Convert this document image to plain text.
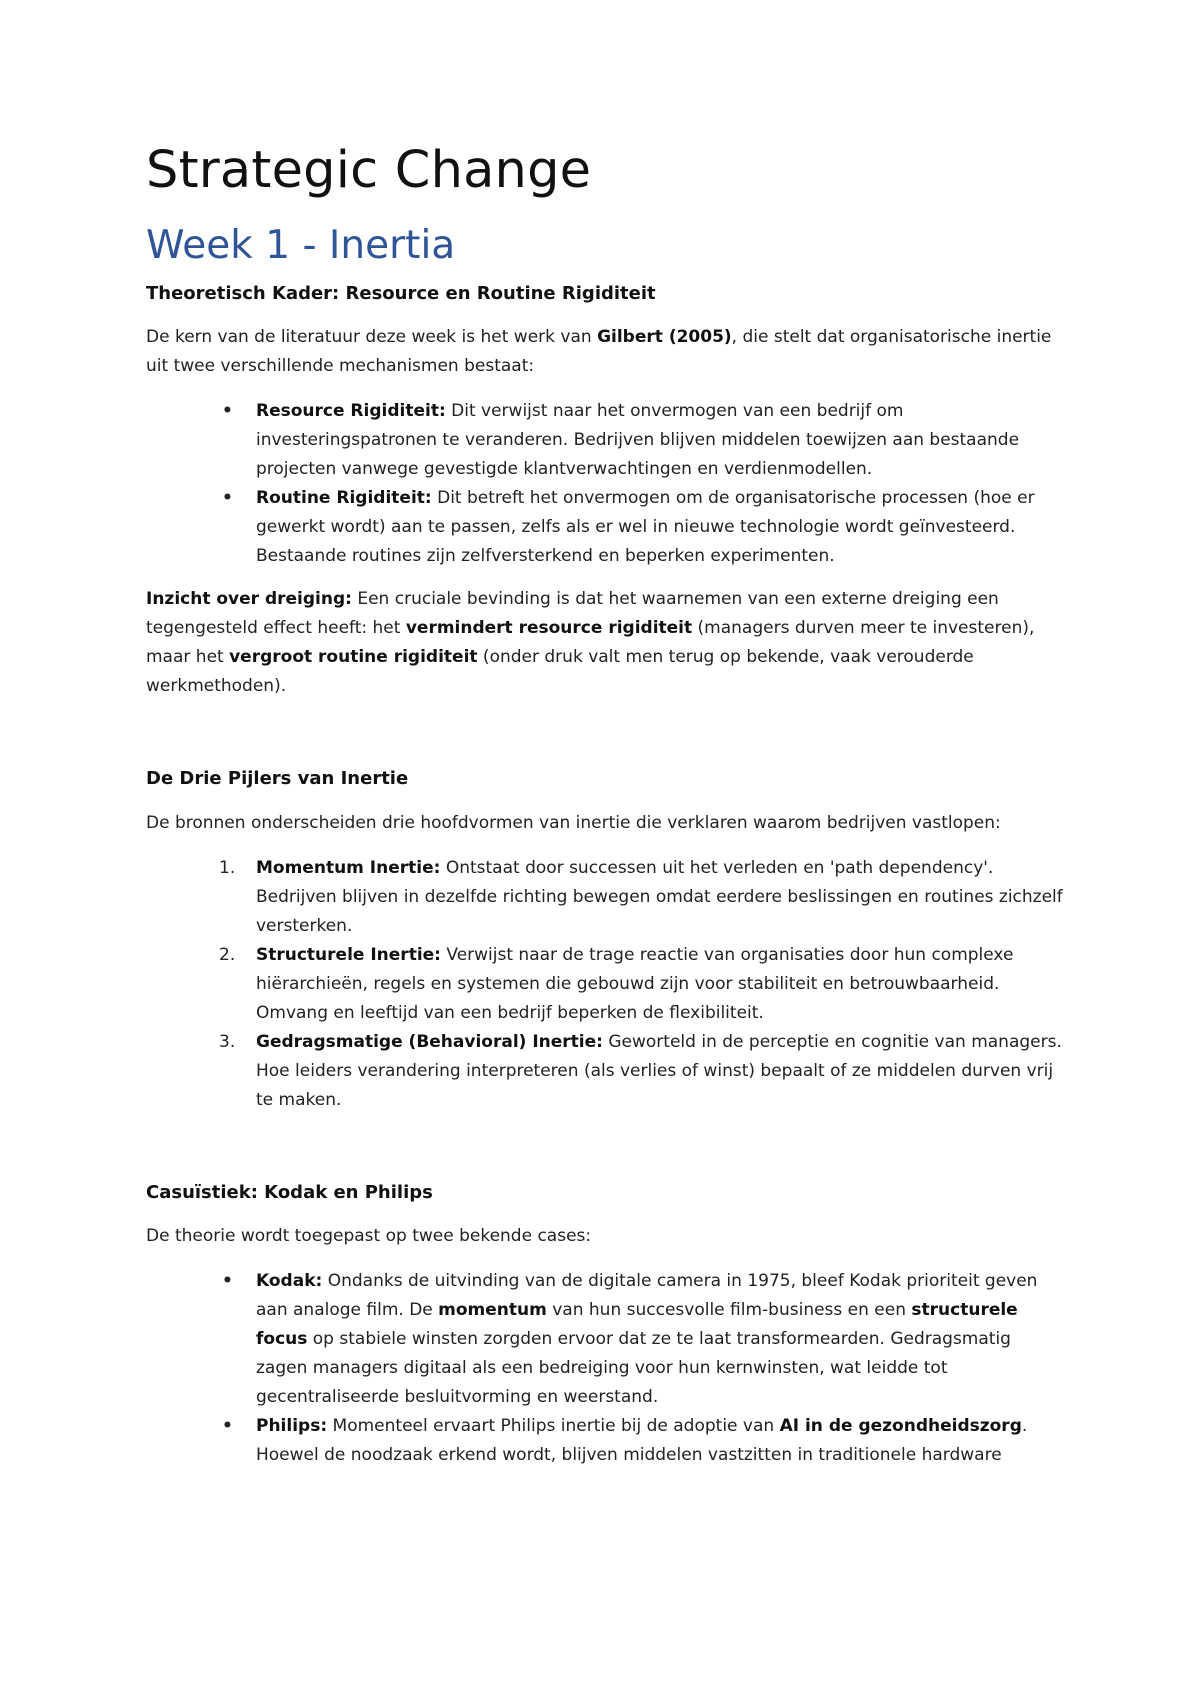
Strategic Change
Week 1 - Inertia
Theoretisch Kader: Resource en Routine Rigiditeit

De kern van de literatuur deze week is het werk van Gilbert (2005), die stelt dat organisatorische inertie uit twee verschillende mechanismen bestaat:

• Resource Rigiditeit: Dit verwijst naar het onvermogen van een bedrijf om investeringspatronen te veranderen. Bedrijven blijven middelen toewijzen aan bestaande projecten vanwege gevestigde klantverwachtingen en verdienmodellen.
• Routine Rigiditeit: Dit betreft het onvermogen om de organisatorische processen (hoe er gewerkt wordt) aan te passen, zelfs als er wel in nieuwe technologie wordt geïnvesteerd. Bestaande routines zijn zelfversterkend en beperken experimenten.

Inzicht over dreiging: Een cruciale bevinding is dat het waarnemen van een externe dreiging een tegengesteld effect heeft: het vermindert resource rigiditeit (managers durven meer te investeren), maar het vergroot routine rigiditeit (onder druk valt men terug op bekende, vaak verouderde werkmethoden).

De Drie Pijlers van Inertie

De bronnen onderscheiden drie hoofdvormen van inertie die verklaren waarom bedrijven vastlopen:

1. Momentum Inertie: Ontstaat door successen uit het verleden en 'path dependency'. Bedrijven blijven in dezelfde richting bewegen omdat eerdere beslissingen en routines zichzelf versterken.
2. Structurele Inertie: Verwijst naar de trage reactie van organisaties door hun complexe hiërarchieën, regels en systemen die gebouwd zijn voor stabiliteit en betrouwbaarheid. Omvang en leeftijd van een bedrijf beperken de flexibiliteit.
3. Gedragsmatige (Behavioral) Inertie: Geworteld in de perceptie en cognitie van managers. Hoe leiders verandering interpreteren (als verlies of winst) bepaalt of ze middelen durven vrij te maken.
Casuïstiek: Kodak en Philips

De theorie wordt toegepast op twee bekende cases:

• Kodak: Ondanks de uitvinding van de digitale camera in 1975, bleef Kodak prioriteit geven aan analoge film. De momentum van hun succesvolle film-business en een structurele focus op stabiele winsten zorgden ervoor dat ze te laat transformearden. Gedragsmatig zagen managers digitaal als een bedreiging voor hun kernwinsten, wat leidde tot gecentraliseerde besluitvorming en weerstand.
• Philips: Momenteel ervaart Philips inertie bij de adoptie van AI in de gezondheidszorg. Hoewel de noodzaak erkend wordt, blijven middelen vastzitten in traditionele hardware
